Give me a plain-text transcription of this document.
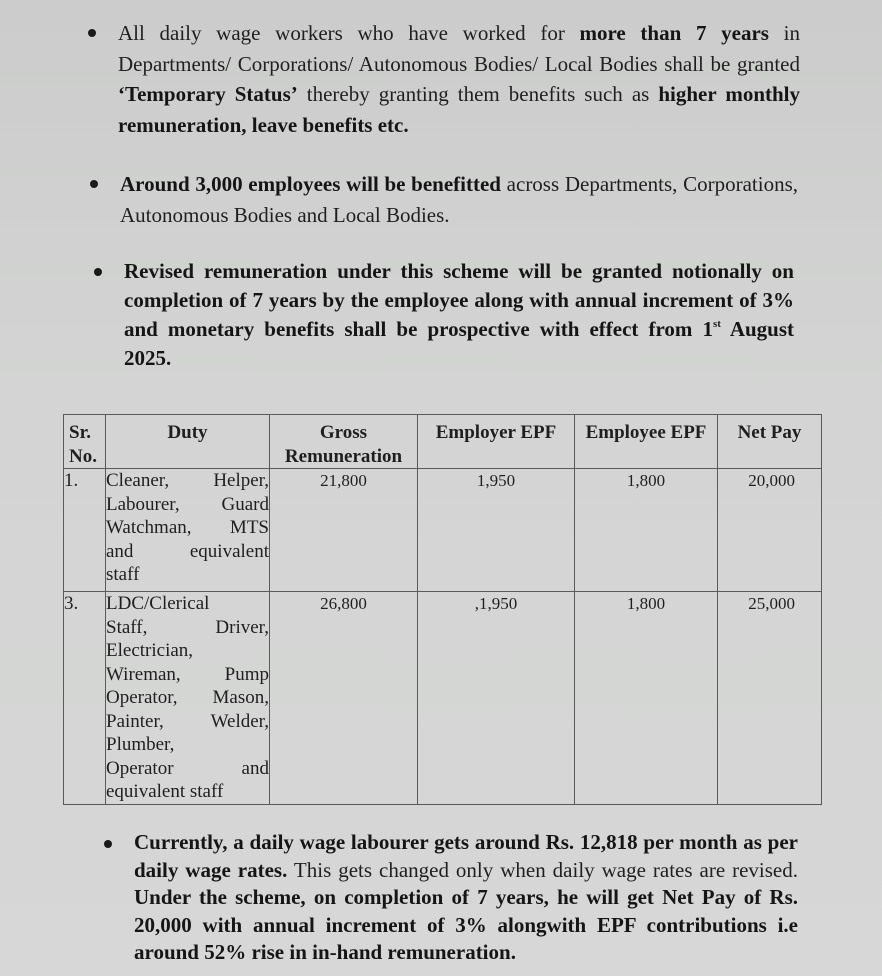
All daily wage workers who have worked for more than 7 years in Departments/ Corporations/ Autonomous Bodies/ Local Bodies shall be granted ‘Temporary Status’ thereby granting them benefits such as higher monthly remuneration, leave benefits etc.
Around 3,000 employees will be benefitted across Departments, Corporations, Autonomous Bodies and Local Bodies.
Revised remuneration under this scheme will be granted notionally on completion of 7 years by the employee along with annual increment of 3% and monetary benefits shall be prospective with effect from 1st August 2025.
Sr. No.	Duty	Gross Remuneration	Employer EPF	Employee EPF	Net Pay
1.	Cleaner, Helper,
Labourer, Guard
Watchman, MTS
and equivalent
staff	21,800	1,950	1,800	20,000
3.	LDC/Clerical
Staff, Driver,
Electrician,
Wireman, Pump
Operator, Mason,
Painter, Welder,
Plumber,
Operator and
equivalent staff
	26,800	,1,950	1,800	25,000
Currently, a daily wage labourer gets around Rs. 12,818 per month as per daily wage rates. This gets changed only when daily wage rates are revised. Under the scheme, on completion of 7 years, he will get Net Pay of Rs. 20,000 with annual increment of 3% alongwith EPF contributions i.e around 52% rise in in-hand remuneration.
